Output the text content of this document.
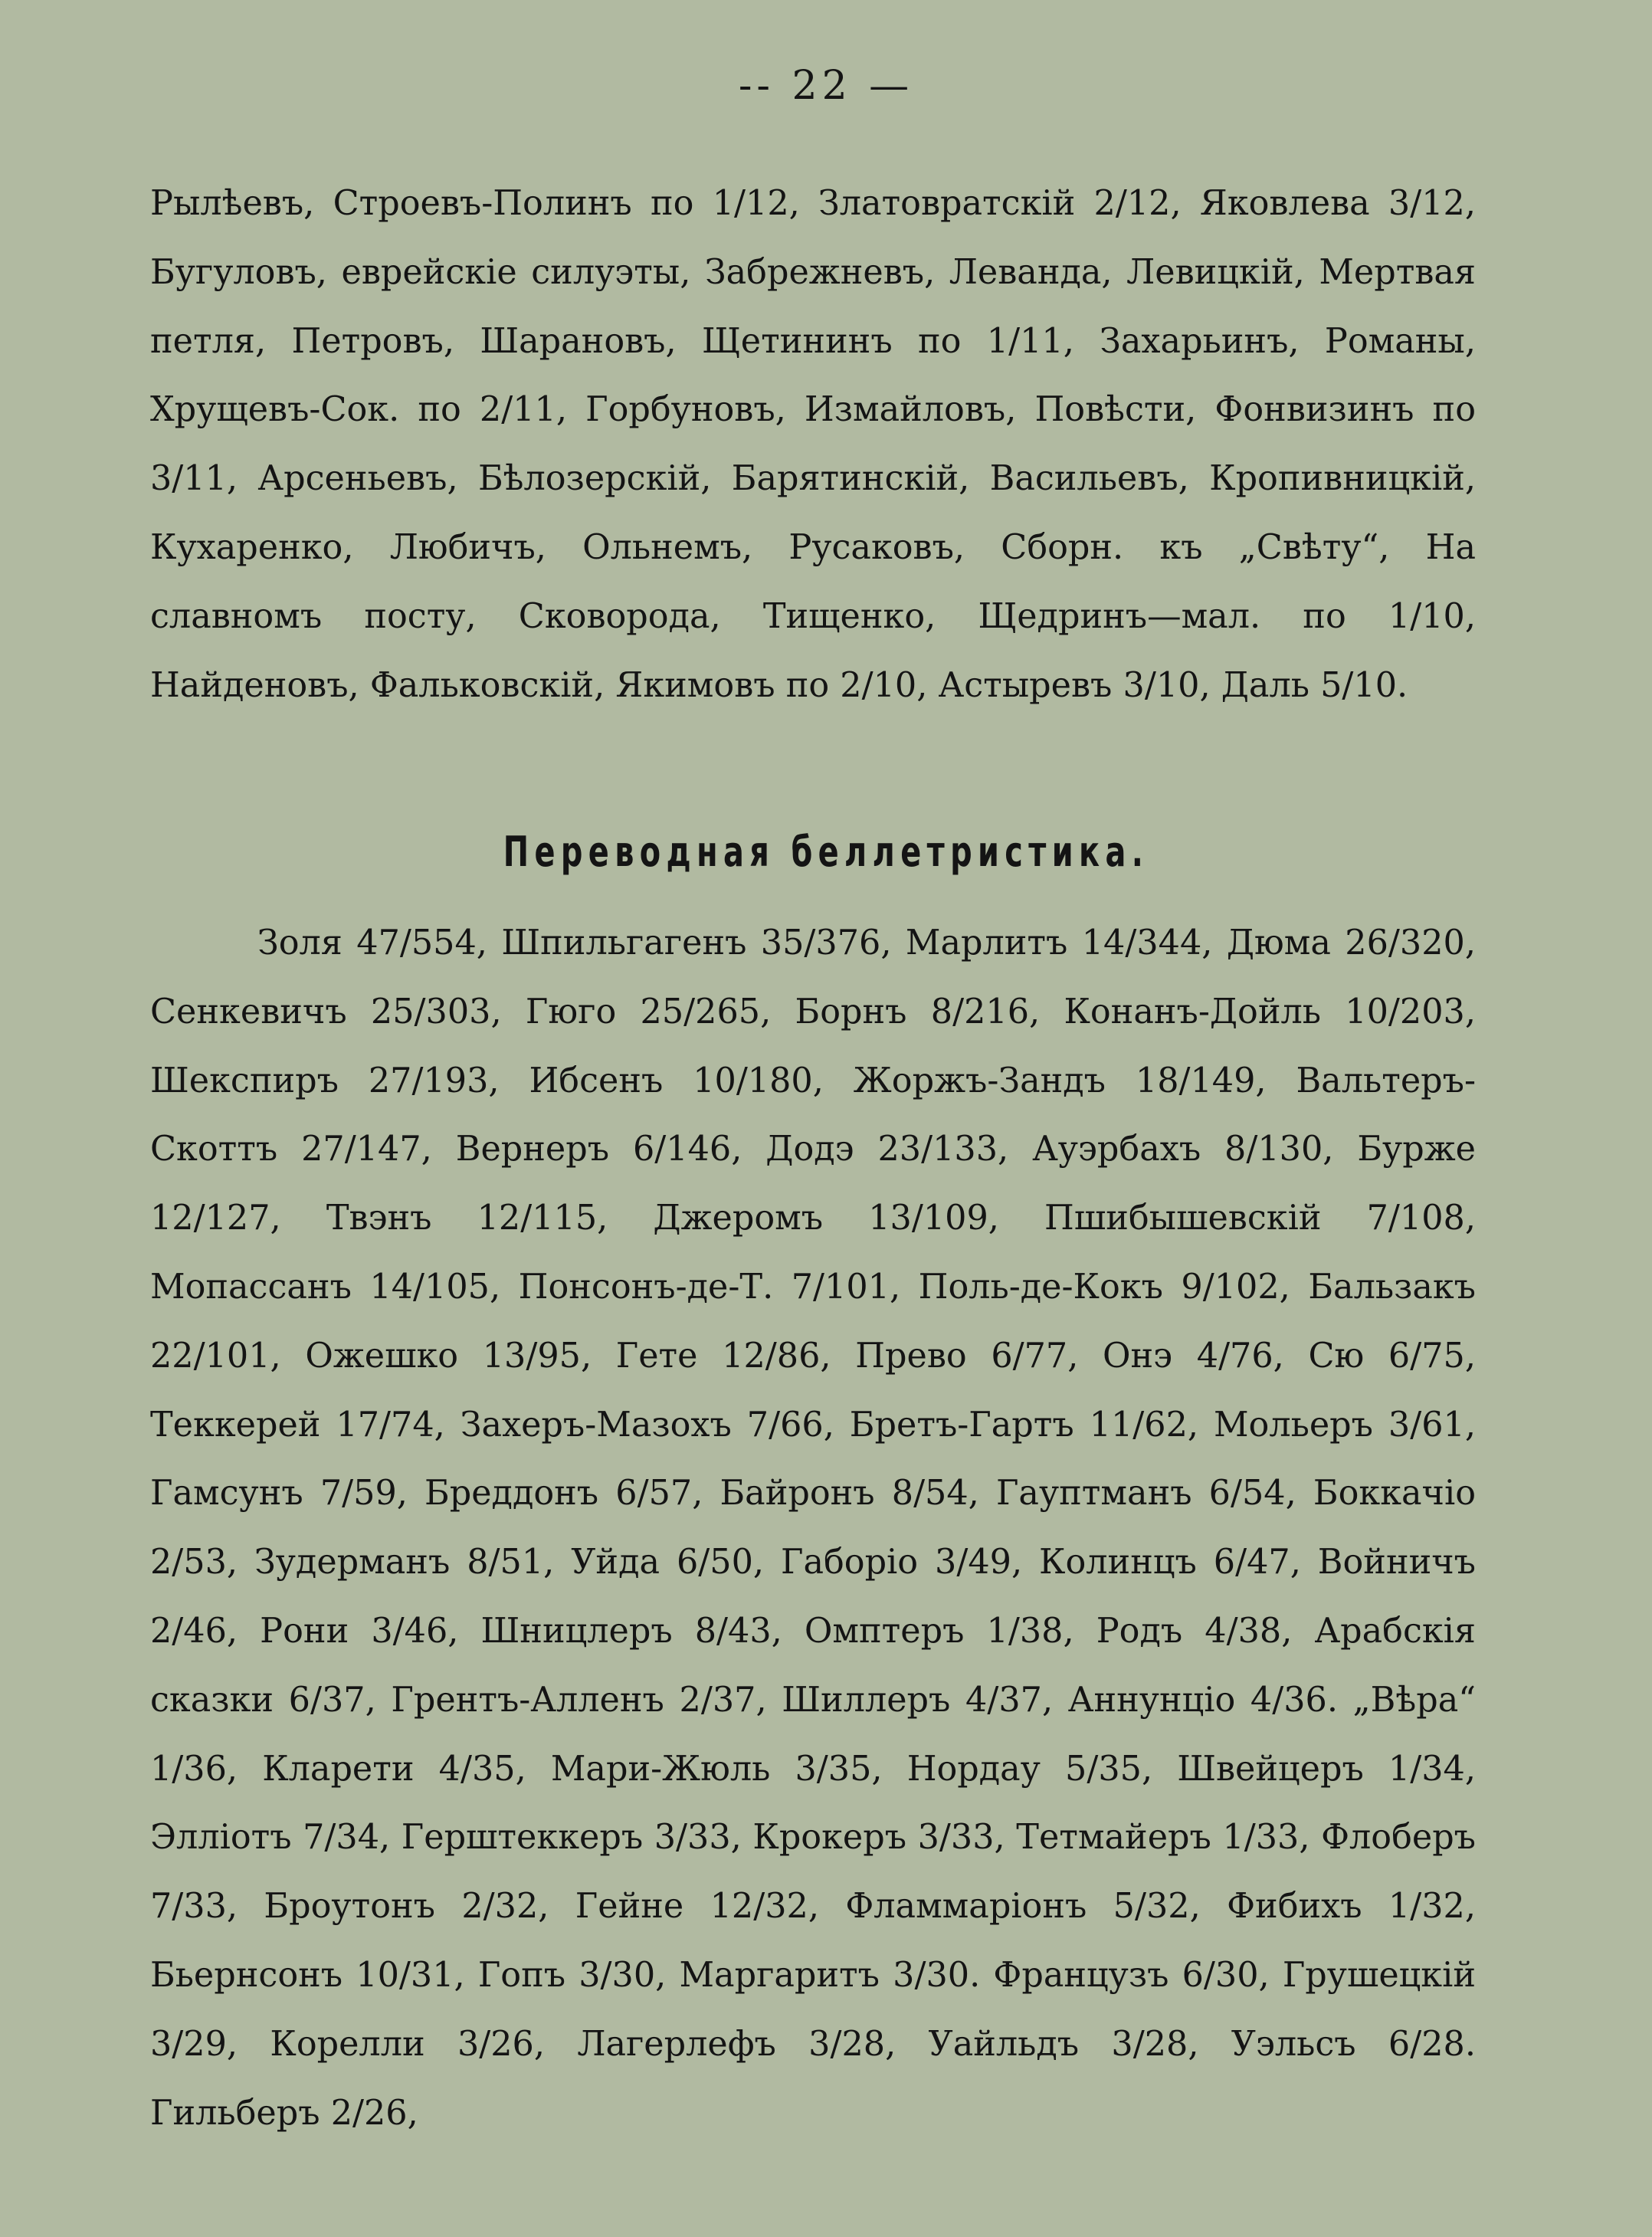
-- 22 —

Рылѣевъ, Строевъ-Полинъ по 1/12, Златовратскій 2/12, Яковлева 3/12, Бугуловъ, еврейскіе силуэты, Забрежневъ, Леванда, Левицкій, Мертвая петля, Петровъ, Шарановъ, Щетининъ по 1/11, Захарьинъ, Романы, Хрущевъ-Сок. по 2/11, Горбуновъ, Измайловъ, Повѣсти, Фонвизинъ по 3/11, Арсеньевъ, Бѣлозерскій, Барятинскій, Васильевъ, Кропивницкій, Кухаренко, Любичъ, Ольнемъ, Русаковъ, Сборн. къ „Свѣту“, На славномъ посту, Сковорода, Тищенко, Щедринъ—мал. по 1/10, Найденовъ, Фальковскій, Якимовъ по 2/10, Астыревъ 3/10, Даль 5/10.

Переводная беллетристика.

Золя 47/554, Шпильгагенъ 35/376, Марлитъ 14/344, Дюма 26/320, Сенкевичъ 25/303, Гюго 25/265, Борнъ 8/216, Конанъ-Дойль 10/203, Шекспиръ 27/193, Ибсенъ 10/180, Жоржъ-Зандъ 18/149, Вальтеръ-Скоттъ 27/147, Вернеръ 6/146, Додэ 23/133, Ауэрбахъ 8/130, Бурже 12/127, Твэнъ 12/115, Джеромъ 13/109, Пшибышевскій 7/108, Мопассанъ 14/105, Понсонъ-де-Т. 7/101, Поль-де-Кокъ 9/102, Бальзакъ 22/101, Ожешко 13/95, Гете 12/86, Прево 6/77, Онэ 4/76, Сю 6/75, Теккерей 17/74, Захеръ-Мазохъ 7/66, Бретъ-Гартъ 11/62, Мольеръ 3/61, Гамсунъ 7/59, Бреддонъ 6/57, Байронъ 8/54, Гауптманъ 6/54, Боккачіо 2/53, Зудерманъ 8/51, Уйда 6/50, Габоріо 3/49, Колинцъ 6/47, Войничъ 2/46, Рони 3/46, Шницлеръ 8/43, Омптеръ 1/38, Родъ 4/38, Арабскія сказки 6/37, Грентъ-Алленъ 2/37, Шиллеръ 4/37, Аннунціо 4/36. „Вѣра“ 1/36, Кларети 4/35, Мари-Жюль 3/35, Нордау 5/35, Швейцеръ 1/34, Элліотъ 7/34, Герштеккеръ 3/33, Крокеръ 3/33, Тетмайеръ 1/33, Флоберъ 7/33, Броутонъ 2/32, Гейне 12/32, Фламмаріонъ 5/32, Фибихъ 1/32, Бьернсонъ 10/31, Гопъ 3/30, Маргаритъ 3/30. Французъ 6/30, Грушецкій 3/29, Корелли 3/26, Лагерлефъ 3/28, Уайльдъ 3/28, Уэльсъ 6/28. Гильберъ 2/26,
